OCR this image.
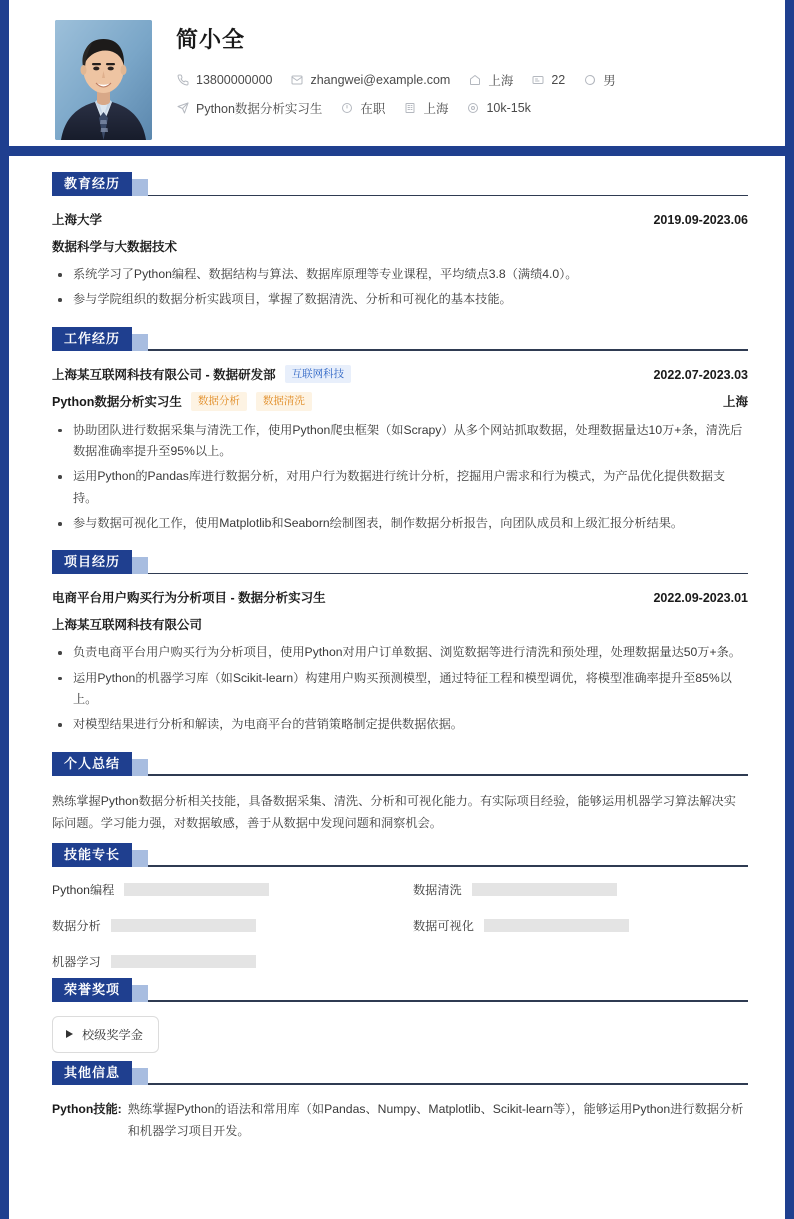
简小全
13800000000	zhangwei@example.com	上海	22	男
Python数据分析实习生	在职	上海	10k-15k
教育经历
上海大学	2019.09-2023.06
数据科学与大数据技术
系统学习了Python编程、数据结构与算法、数据库原理等专业课程，平均绩点3.8（满绩4.0）。
参与学院组织的数据分析实践项目，掌握了数据清洗、分析和可视化的基本技能。
工作经历
上海某互联网科技有限公司 - 数据研发部	互联网科技	2022.07-2023.03
Python数据分析实习生	数据分析	数据清洗	上海
协助团队进行数据采集与清洗工作，使用Python爬虫框架（如Scrapy）从多个网站抓取数据，处理数据量达10万+条，清洗后数据准确率提升至95%以上。
运用Python的Pandas库进行数据分析，对用户行为数据进行统计分析，挖掘用户需求和行为模式，为产品优化提供数据支持。
参与数据可视化工作，使用Matplotlib和Seaborn绘制图表，制作数据分析报告，向团队成员和上级汇报分析结果。
项目经历
电商平台用户购买行为分析项目 - 数据分析实习生	2022.09-2023.01
上海某互联网科技有限公司
负责电商平台用户购买行为分析项目，使用Python对用户订单数据、浏览数据等进行清洗和预处理，处理数据量达50万+条。
运用Python的机器学习库（如Scikit-learn）构建用户购买预测模型，通过特征工程和模型调优，将模型准确率提升至85%以上。
对模型结果进行分析和解读，为电商平台的营销策略制定提供数据依据。
个人总结
熟练掌握Python数据分析相关技能，具备数据采集、清洗、分析和可视化能力。有实际项目经验，能够运用机器学习算法解决实际问题。学习能力强，对数据敏感，善于从数据中发现问题和洞察机会。
技能专长
Python编程	数据清洗
数据分析	数据可视化
机器学习
荣誉奖项
校级奖学金
其他信息
Python技能: 熟练掌握Python的语法和常用库（如Pandas、Numpy、Matplotlib、Scikit-learn等），能够运用Python进行数据分析和机器学习项目开发。
